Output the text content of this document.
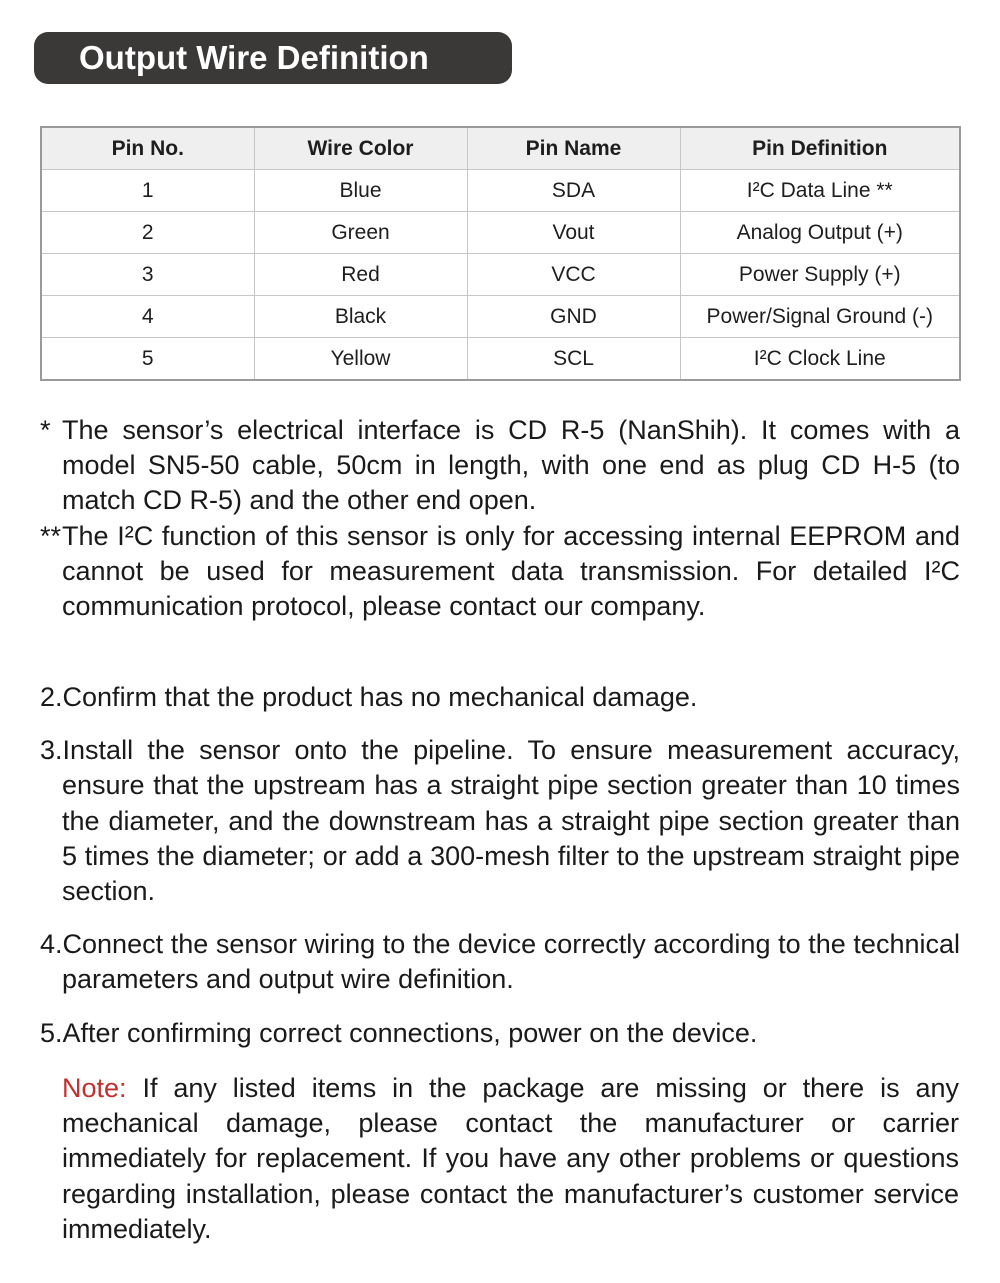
Output Wire Definition
Pin No.	Wire Color	Pin Name	Pin Definition
1	Blue	SDA	I²C Data Line **
2	Green	Vout	Analog Output (+)
3	Red	VCC	Power Supply (+)
4	Black	GND	Power/Signal Ground (-)
5	Yellow	SCL	I²C Clock Line
* The sensor’s electrical interface is CD R-5 (NanShih). It comes with a model SN5-50 cable, 50cm in length, with one end as plug CD H-5 (to match CD R-5) and the other end open.
** The I²C function of this sensor is only for accessing internal EEPROM and cannot be used for measurement data transmission. For detailed I²C communication protocol, please contact our company.
2.Confirm that the product has no mechanical damage.
3.Install the sensor onto the pipeline. To ensure measurement accuracy, ensure that the upstream has a straight pipe section greater than 10 times the diameter, and the downstream has a straight pipe section greater than 5 times the diameter; or add a 300-mesh filter to the upstream straight pipe section.
4.Connect the sensor wiring to the device correctly according to the technical parameters and output wire definition.
5.After confirming correct connections, power on the device.
Note: If any listed items in the package are missing or there is any mechanical damage, please contact the manufacturer or carrier immediately for replacement. If you have any other problems or questions regarding installation, please contact the manufacturer’s customer service immediately.
